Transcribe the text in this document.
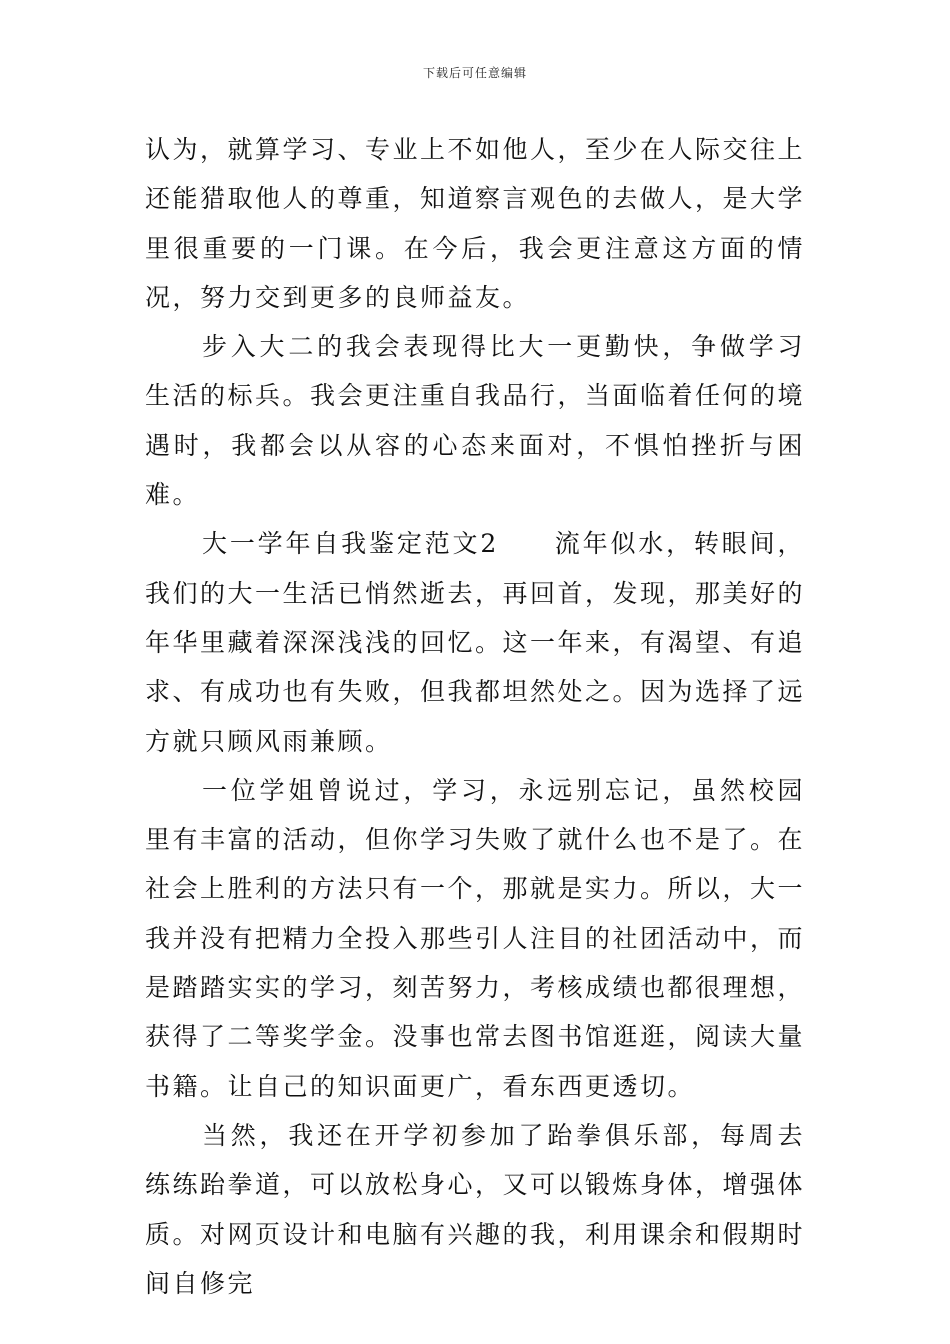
下载后可任意编辑

认为，就算学习、专业上不如他人，至少在人际交往上还能猎取他人的尊重，知道察言观色的去做人，是大学里很重要的一门课。在今后，我会更注意这方面的情况，努力交到更多的良师益友。

步入大二的我会表现得比大一更勤快，争做学习生活的标兵。我会更注重自我品行，当面临着任何的境遇时，我都会以从容的心态来面对，不惧怕挫折与困难。

大一学年自我鉴定范文2　　流年似水，转眼间，我们的大一生活已悄然逝去，再回首，发现，那美好的年华里藏着深深浅浅的回忆。这一年来，有渴望、有追求、有成功也有失败，但我都坦然处之。因为选择了远方就只顾风雨兼顾。

一位学姐曾说过，学习，永远别忘记，虽然校园里有丰富的活动，但你学习失败了就什么也不是了。在社会上胜利的方法只有一个，那就是实力。所以，大一我并没有把精力全投入那些引人注目的社团活动中，而是踏踏实实的学习，刻苦努力，考核成绩也都很理想，获得了二等奖学金。没事也常去图书馆逛逛，阅读大量书籍。让自己的知识面更广，看东西更透切。

当然，我还在开学初参加了跆拳俱乐部，每周去练练跆拳道，可以放松身心，又可以锻炼身体，增强体质。对网页设计和电脑有兴趣的我，利用课余和假期时间自修完
